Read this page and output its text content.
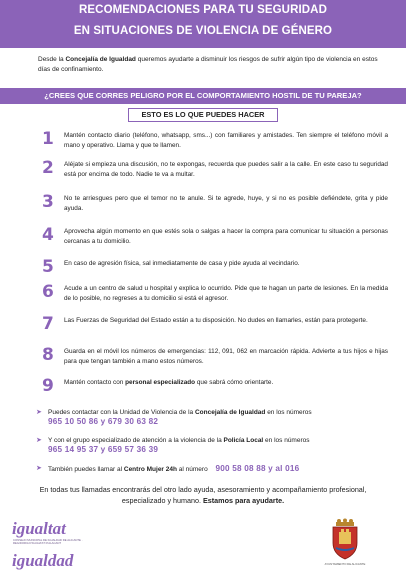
RECOMENDACIONES PARA TU SEGURIDAD
EN SITUACIONES DE VIOLENCIA DE GÉNERO
Desde la Concejalía de Igualdad queremos ayudarte a disminuir los riesgos de sufrir algún tipo de violencia en estos días de confinamiento.
¿CREES QUE CORRES PELIGRO POR EL COMPORTAMIENTO HOSTIL DE TU PAREJA?
ESTO ES LO QUE PUEDES HACER
1 Mantén contacto diario (teléfono, whatsapp, sms...) con familiares y amistades. Ten siempre el teléfono móvil a mano y operativo. Llama y que te llamen.
2 Aléjate si empieza una discusión, no te expongas, recuerda que puedes salir a la calle. En este caso tu seguridad está por encima de todo. Nadie te va a multar.
3 No te arriesgues pero que el temor no te anule. Si te agrede, huye, y si no es posible defiéndete, grita y pide ayuda.
4 Aprovecha algún momento en que estés sola o salgas a hacer la compra para comunicar tu situación a personas cercanas a tu domicilio.
5 En caso de agresión física, sal inmediatamente de casa y pide ayuda al vecindario.
6 Acude a un centro de salud u hospital y explica lo ocurrido. Pide que te hagan un parte de lesiones. En la medida de lo posible, no regreses a tu domicilio si está el agresor.
7 Las Fuerzas de Seguridad del Estado están a tu disposición. No dudes en llamarles, están para protegerte.
8 Guarda en el móvil los números de emergencias: 112, 091, 062 en marcación rápida. Advierte a tus hijos e hijas para que tengan también a mano estos números.
9 Mantén contacto con personal especializado que sabrá cómo orientarte.
➤ Puedes contactar con la Unidad de Violencia de la Concejalía de Igualdad en los números
965 10 50 86 y 679 30 63 82
➤ Y con el grupo especializado de atención a la violencia de la Policía Local en los números
965 14 95 37 y 659 57 36 39
➤ También puedes llamar al Centro Mujer 24h al número 900 58 08 88 y al 016
En todas tus llamadas encontrarás del otro lado ayuda, asesoramiento y acompañamiento profesional, especializado y humano. Estamos para ayudarte.
igualtat
CONSEJO MUNICIPAL DE IGUALDAD DE ALICANTE · REGIDORIA D'IGUALTAT D'ALACANT
igualdad	AYUNTAMIENTO DE ALICANTE
